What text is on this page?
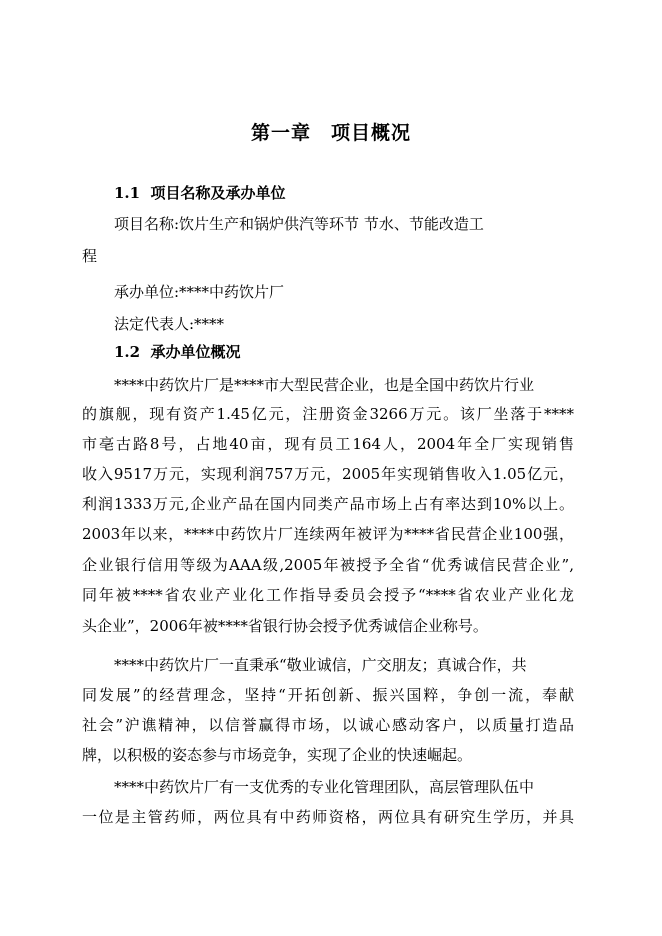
第一章　项目概况
1.1  项目名称及承办单位
项目名称:饮片生产和锅炉供汽等环节 节水、节能改造工
程
承办单位:****中药饮片厂
法定代表人:****
1.2  承办单位概况
****中药饮片厂是****市大型民营企业，也是全国中药饮片行业
的旗舰，现有资产1.45亿元，注册资金3266万元。该厂坐落于****
市亳古路8号，占地40亩，现有员工164人，2004年全厂实现销售
收入9517万元，实现利润757万元，2005年实现销售收入1.05亿元，
利润1333万元,企业产品在国内同类产品市场上占有率达到10%以上。
2003年以来，****中药饮片厂连续两年被评为****省民营企业100强，
企业银行信用等级为AAA级,2005年被授予全省“优秀诚信民营企业”,
同年被****省农业产业化工作指导委员会授予“****省农业产业化龙
头企业”，2006年被****省银行协会授予优秀诚信企业称号。
****中药饮片厂一直秉承“敬业诚信，广交朋友；真诚合作，共
同发展”的经营理念，坚持“开拓创新、振兴国粹，争创一流，奉献
社会”沪谯精神，以信誉赢得市场，以诚心感动客户，以质量打造品
牌，以积极的姿态参与市场竞争，实现了企业的快速崛起。
****中药饮片厂有一支优秀的专业化管理团队，高层管理队伍中
一位是主管药师，两位具有中药师资格，两位具有研究生学历，并具
